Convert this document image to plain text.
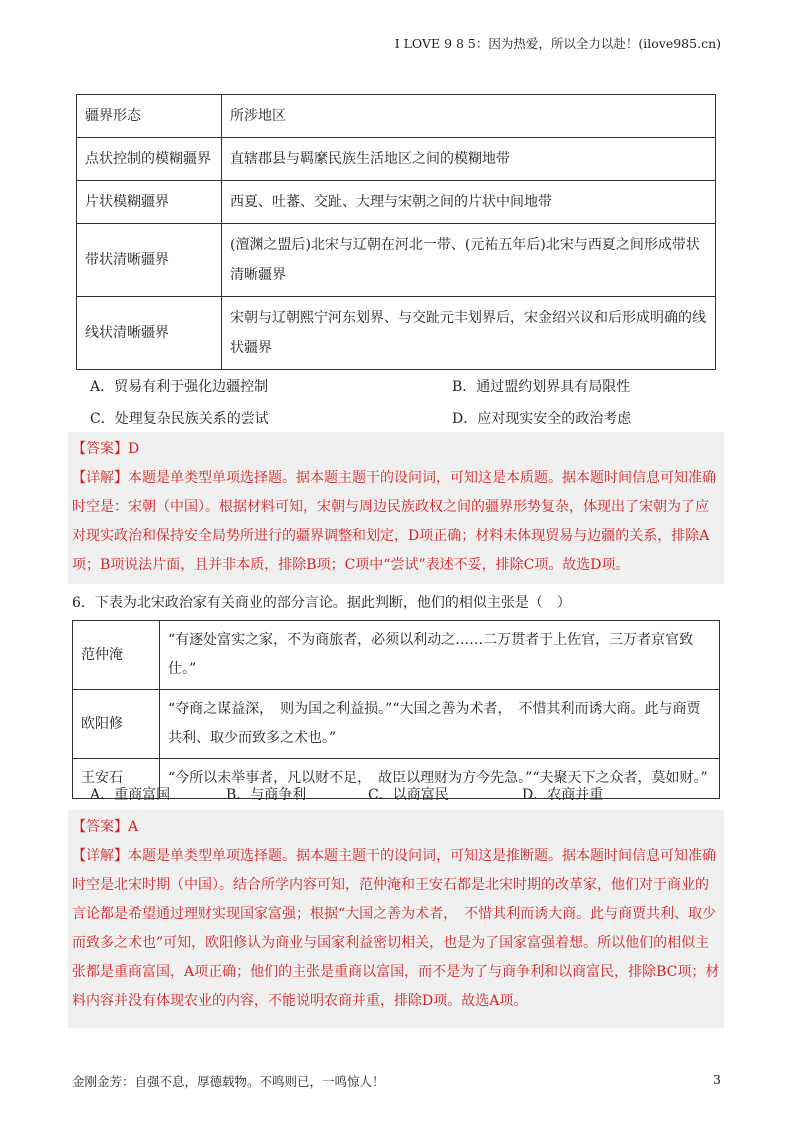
I LOVE 9 8 5：因为热爱，所以全力以赴！(ilove985.cn)
疆界形态	所涉地区
点状控制的模糊疆界	直辖郡县与羁縻民族生活地区之间的模糊地带
片状模糊疆界	西夏、吐蕃、交趾、大理与宋朝之间的片状中间地带
带状清晰疆界	(澶渊之盟后)北宋与辽朝在河北一带、(元祐五年后)北宋与西夏之间形成带状清晰疆界
线状清晰疆界	宋朝与辽朝熙宁河东划界、与交趾元丰划界后，宋金绍兴议和后形成明确的线状疆界
A．贸易有利于强化边疆控制	B．通过盟约划界具有局限性
C．处理复杂民族关系的尝试	D．应对现实安全的政治考虑
【答案】D
【详解】本题是单类型单项选择题。据本题主题干的设问词，可知这是本质题。据本题时间信息可知准确时空是：宋朝（中国）。根据材料可知，宋朝与周边民族政权之间的疆界形势复杂，体现出了宋朝为了应对现实政治和保持安全局势所进行的疆界调整和划定，D项正确；材料未体现贸易与边疆的关系，排除A项；B项说法片面，且并非本质，排除B项；C项中“尝试”表述不妥，排除C项。故选D项。
6．下表为北宋政治家有关商业的部分言论。据此判断，他们的相似主张是（　）
范仲淹	“有逐处富实之家，不为商旅者，必须以利动之……二万贯者于上佐官，三万者京官致仕。”
欧阳修	“夺商之谋益深，　则为国之利益损。”“大国之善为术者，　不惜其利而诱大商。此与商贾共利、取少而致多之术也。”
王安石	“今所以未举事者，凡以财不足，　故臣以理财为方今先急。”“夫聚天下之众者，莫如财。”
A．重商富国	B．与商争利	C．以商富民	D．农商并重
【答案】A
【详解】本题是单类型单项选择题。据本题主题干的设问词，可知这是推断题。据本题时间信息可知准确时空是北宋时期（中国）。结合所学内容可知，范仲淹和王安石都是北宋时期的改革家，他们对于商业的言论都是希望通过理财实现国家富强；根据“大国之善为术者，　不惜其利而诱大商。此与商贾共利、取少而致多之术也”可知，欧阳修认为商业与国家利益密切相关，也是为了国家富强着想。所以他们的相似主张都是重商富国，A项正确；他们的主张是重商以富国，而不是为了与商争利和以商富民，排除BC项；材料内容并没有体现农业的内容，不能说明农商并重，排除D项。故选A项。
金刚金芳：自强不息，厚德载物。不鸣则已，一鸣惊人！	3
